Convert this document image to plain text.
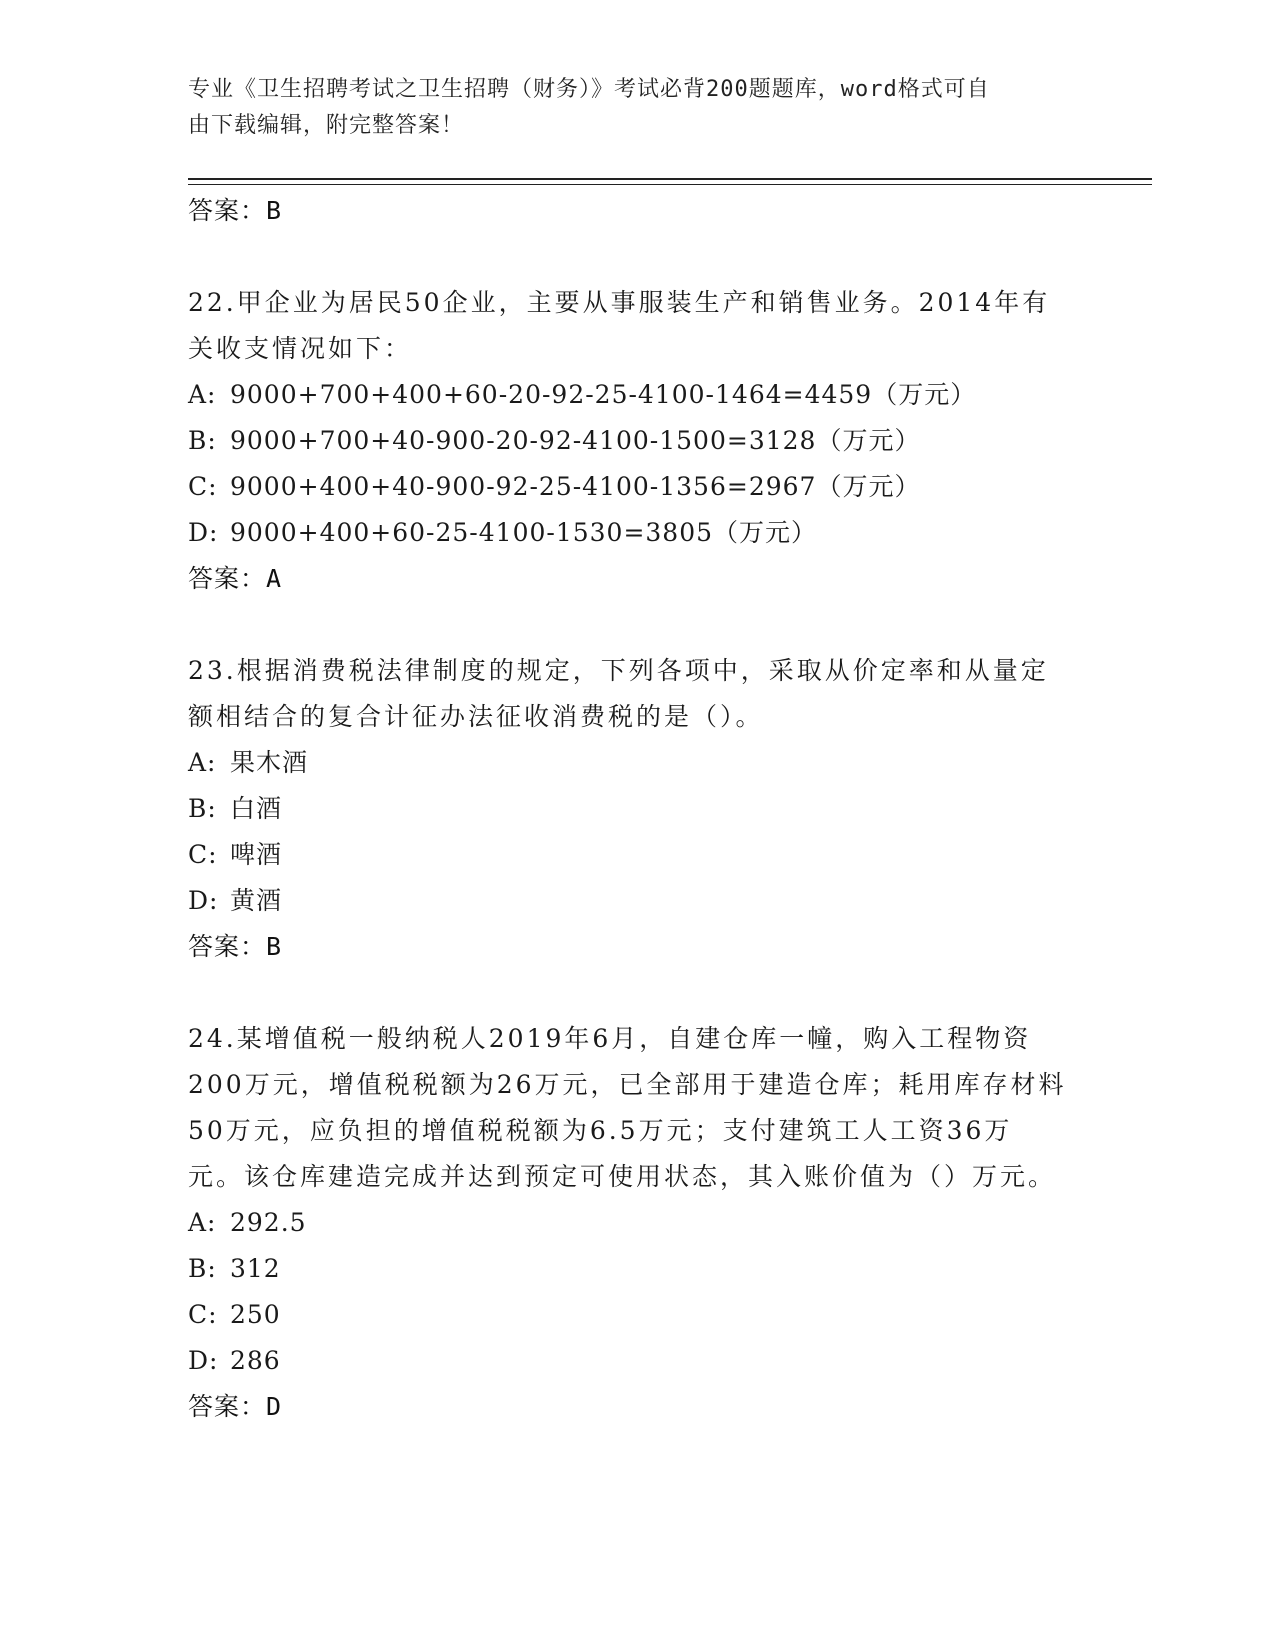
专业《卫生招聘考试之卫生招聘（财务）》考试必背200题题库，word格式可自
由下载编辑，附完整答案！
答案：B
22.甲企业为居民50企业，主要从事服装生产和销售业务。2014年有关收支情况如下：
A: 9000+700+400+60-20-92-25-4100-1464=4459（万元）
B: 9000+700+40-900-20-92-4100-1500=3128（万元）
C: 9000+400+40-900-92-25-4100-1356=2967（万元）
D: 9000+400+60-25-4100-1530=3805（万元）
答案：A
23.根据消费税法律制度的规定，下列各项中，采取从价定率和从量定额相结合的复合计征办法征收消费税的是（）。
A: 果木酒
B: 白酒
C: 啤酒
D: 黄酒
答案：B
24.某增值税一般纳税人2019年6月，自建仓库一幢，购入工程物资200万元，增值税税额为26万元，已全部用于建造仓库；耗用库存材料50万元，应负担的增值税税额为6.5万元；支付建筑工人工资36万元。该仓库建造完成并达到预定可使用状态，其入账价值为（）万元。
A: 292.5
B: 312
C: 250
D: 286
答案：D
